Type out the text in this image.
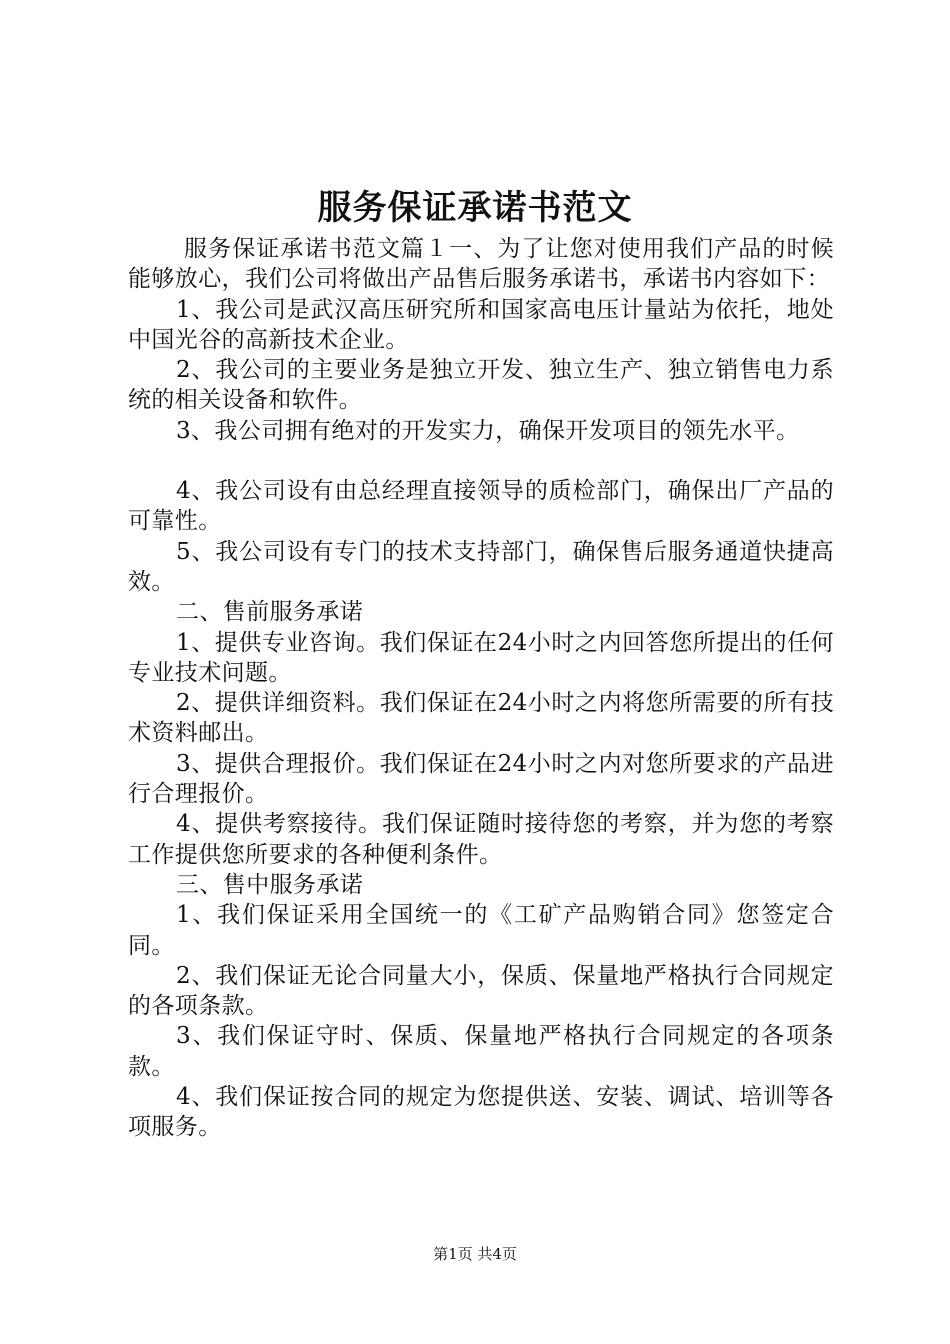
服务保证承诺书范文

服务保证承诺书范文篇１一、为了让您对使用我们产品的时候能够放心，我们公司将做出产品售后服务承诺书，承诺书内容如下：

1、我公司是武汉高压研究所和国家高电压计量站为依托，地处中国光谷的高新技术企业。

2、我公司的主要业务是独立开发、独立生产、独立销售电力系统的相关设备和软件。

3、我公司拥有绝对的开发实力，确保开发项目的领先水平。

4、我公司设有由总经理直接领导的质检部门，确保出厂产品的可靠性。

5、我公司设有专门的技术支持部门，确保售后服务通道快捷高效。

二、售前服务承诺

1、提供专业咨询。我们保证在24小时之内回答您所提出的任何专业技术问题。

2、提供详细资料。我们保证在24小时之内将您所需要的所有技术资料邮出。

3、提供合理报价。我们保证在24小时之内对您所要求的产品进行合理报价。

4、提供考察接待。我们保证随时接待您的考察，并为您的考察工作提供您所要求的各种便利条件。

三、售中服务承诺

1、我们保证采用全国统一的《工矿产品购销合同》您签定合同。

2、我们保证无论合同量大小，保质、保量地严格执行合同规定的各项条款。

3、我们保证守时、保质、保量地严格执行合同规定的各项条款。

4、我们保证按合同的规定为您提供送、安装、调试、培训等各项服务。

第1页 共4页
